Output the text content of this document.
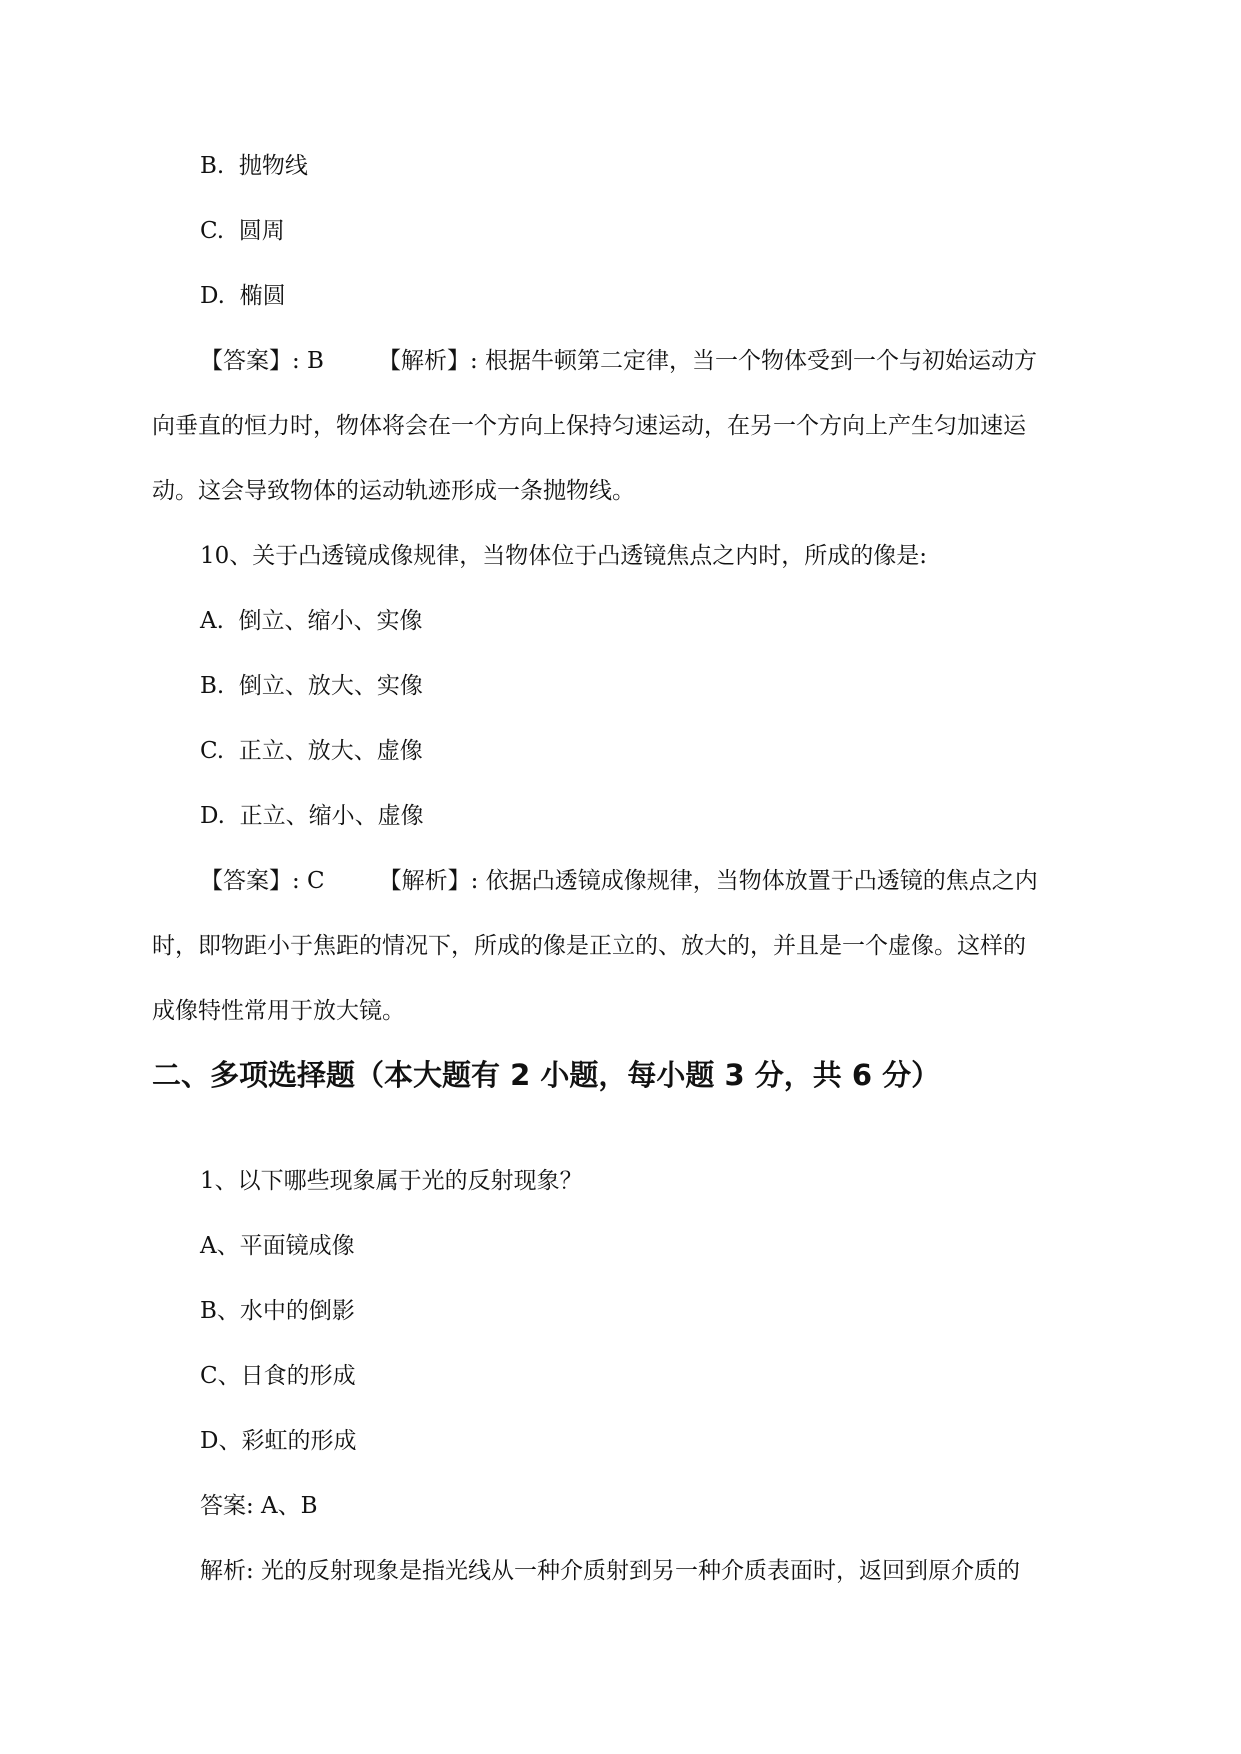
B. 抛物线
C. 圆周
D. 椭圆
【答案】: B 【解析】: 根据牛顿第二定律，当一个物体受到一个与初始运动方
向垂直的恒力时，物体将会在一个方向上保持匀速运动，在另一个方向上产生匀加速运
动。这会导致物体的运动轨迹形成一条抛物线。
10、关于凸透镜成像规律，当物体位于凸透镜焦点之内时，所成的像是:
A. 倒立、缩小、实像
B. 倒立、放大、实像
C. 正立、放大、虚像
D. 正立、缩小、虚像
【答案】: C 【解析】: 依据凸透镜成像规律，当物体放置于凸透镜的焦点之内
时，即物距小于焦距的情况下，所成的像是正立的、放大的，并且是一个虚像。这样的
成像特性常用于放大镜。
二、多项选择题（本大题有 2 小题，每小题 3 分，共 6 分）
1、以下哪些现象属于光的反射现象？
A、平面镜成像
B、水中的倒影
C、日食的形成
D、彩虹的形成
答案: A、B
解析: 光的反射现象是指光线从一种介质射到另一种介质表面时，返回到原介质的
